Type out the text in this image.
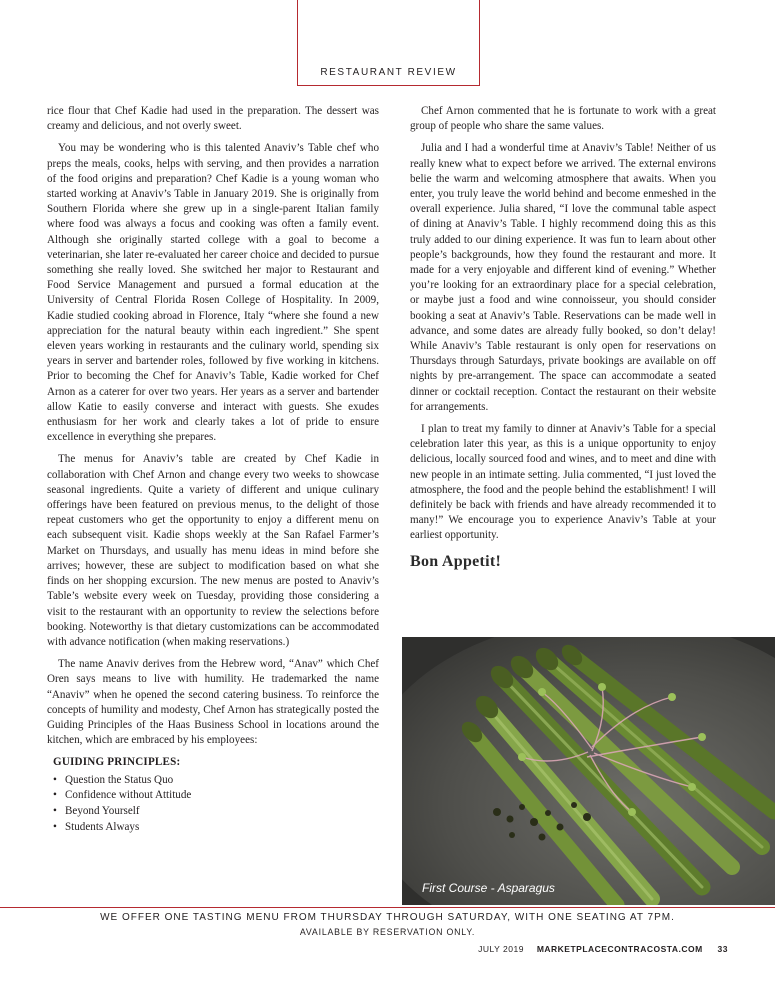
RESTAURANT REVIEW

rice flour that Chef Kadie had used in the preparation. The dessert was creamy and delicious, and not overly sweet.

You may be wondering who is this talented Anaviv’s Table chef who preps the meals, cooks, helps with serving, and then provides a narration of the food origins and preparation? Chef Kadie is a young woman who started working at Anaviv’s Table in January 2019. She is originally from Southern Florida where she grew up in a single-parent Italian family where food was always a focus and cooking was often a family event. Although she originally started college with a goal to become a veterinarian, she later re-evaluated her career choice and decided to pursue something she really loved. She switched her major to Restaurant and Food Service Management and pursued a formal education at the University of Central Florida Rosen College of Hospitality. In 2009, Kadie studied cooking abroad in Florence, Italy “where she found a new appreciation for the natural beauty within each ingredient.” She spent eleven years working in restaurants and the culinary world, spending six years in server and bartender roles, followed by five working in kitchens. Prior to becoming the Chef for Anaviv’s Table, Kadie worked for Chef Arnon as a caterer for over two years. Her years as a server and bartender allow Katie to easily converse and interact with guests. She exudes enthusiasm for her work and clearly takes a lot of pride to ensure excellence in everything she prepares.

The menus for Anaviv’s table are created by Chef Kadie in collaboration with Chef Arnon and change every two weeks to showcase seasonal ingredients. Quite a variety of different and unique culinary offerings have been featured on previous menus, to the delight of those repeat customers who get the opportunity to enjoy a different menu on each subsequent visit. Kadie shops weekly at the San Rafael Farmer’s Market on Thursdays, and usually has menu ideas in mind before she arrives; however, these are subject to modification based on what she finds on her shopping excursion. The new menus are posted to Anaviv’s Table’s website every week on Tuesday, providing those considering a visit to the restaurant with an opportunity to review the selections before booking. Noteworthy is that dietary customizations can be accommodated with advance notification (when making reservations.)

The name Anaviv derives from the Hebrew word, “Anav” which Chef Oren says means to live with humility. He trademarked the name “Anaviv” when he opened the second catering business. To reinforce the concepts of humility and modesty, Chef Arnon has strategically posted the Guiding Principles of the Haas Business School in locations around the kitchen, which are embraced by his employees:

GUIDING PRINCIPLES:
• Question the Status Quo
• Confidence without Attitude
• Beyond Yourself
• Students Always

Chef Arnon commented that he is fortunate to work with a great group of people who share the same values.

Julia and I had a wonderful time at Anaviv’s Table! Neither of us really knew what to expect before we arrived. The external environs belie the warm and welcoming atmosphere that awaits. When you enter, you truly leave the world behind and become enmeshed in the overall experience. Julia shared, “I love the communal table aspect of dining at Anaviv’s Table. I highly recommend doing this as this truly added to our dining experience. It was fun to learn about other people’s backgrounds, how they found the restaurant and more. It made for a very enjoyable and different kind of evening.” Whether you’re looking for an extraordinary place for a special celebration, or maybe just a food and wine connoisseur, you should consider booking a seat at Anaviv’s Table. Reservations can be made well in advance, and some dates are already fully booked, so don’t delay! While Anaviv’s Table restaurant is only open for reservations on Thursdays through Saturdays, private bookings are available on off nights by pre-arrangement. The space can accommodate a seated dinner or cocktail reception. Contact the restaurant on their website for arrangements.

I plan to treat my family to dinner at Anaviv’s Table for a special celebration later this year, as this is a unique opportunity to enjoy delicious, locally sourced food and wines, and to meet and dine with new people in an intimate setting. Julia commented, “I just loved the atmosphere, the food and the people behind the establishment! I will definitely be back with friends and have already recommended it to many!” We encourage you to experience Anaviv’s Table at your earliest opportunity.

Bon Appetit!
First Course - Asparagus
WE OFFER ONE TASTING MENU FROM THURSDAY THROUGH SATURDAY, WITH ONE SEATING AT 7PM.
AVAILABLE BY RESERVATION ONLY.
JULY 2019 MARKETPLACECONTRACOSTA.COM 33
